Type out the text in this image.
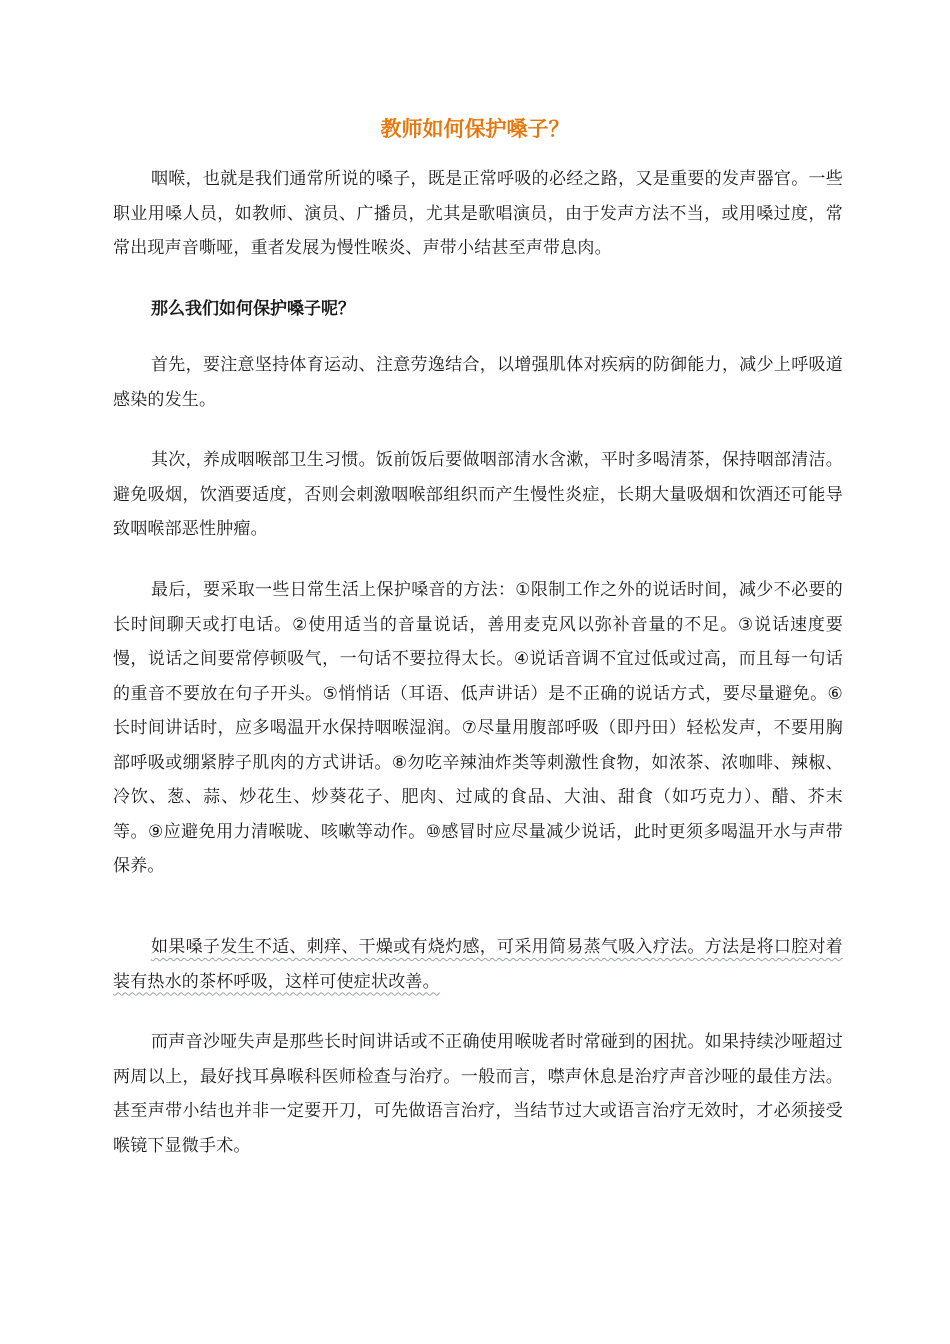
教师如何保护嗓子？

咽喉，也就是我们通常所说的嗓子，既是正常呼吸的必经之路，又是重要的发声器官。一些职业用嗓人员，如教师、演员、广播员，尤其是歌唱演员，由于发声方法不当，或用嗓过度，常常出现声音嘶哑，重者发展为慢性喉炎、声带小结甚至声带息肉。

那么我们如何保护嗓子呢？

首先，要注意坚持体育运动、注意劳逸结合，以增强肌体对疾病的防御能力，减少上呼吸道感染的发生。

其次，养成咽喉部卫生习惯。饭前饭后要做咽部清水含漱，平时多喝清茶，保持咽部清洁。避免吸烟，饮酒要适度，否则会刺激咽喉部组织而产生慢性炎症，长期大量吸烟和饮酒还可能导致咽喉部恶性肿瘤。

最后，要采取一些日常生活上保护嗓音的方法：①限制工作之外的说话时间，减少不必要的长时间聊天或打电话。②使用适当的音量说话，善用麦克风以弥补音量的不足。③说话速度要慢，说话之间要常停顿吸气，一句话不要拉得太长。④说话音调不宜过低或过高，而且每一句话的重音不要放在句子开头。⑤悄悄话（耳语、低声讲话）是不正确的说话方式，要尽量避免。⑥长时间讲话时，应多喝温开水保持咽喉湿润。⑦尽量用腹部呼吸（即丹田）轻松发声，不要用胸部呼吸或绷紧脖子肌肉的方式讲话。⑧勿吃辛辣油炸类等刺激性食物，如浓茶、浓咖啡、辣椒、冷饮、葱、蒜、炒花生、炒葵花子、肥肉、过咸的食品、大油、甜食（如巧克力）、醋、芥末等。⑨应避免用力清喉咙、咳嗽等动作。⑩感冒时应尽量减少说话，此时更须多喝温开水与声带保养。

如果嗓子发生不适、刺痒、干燥或有烧灼感，可采用简易蒸气吸入疗法。方法是将口腔对着装有热水的茶杯呼吸，这样可使症状改善。

而声音沙哑失声是那些长时间讲话或不正确使用喉咙者时常碰到的困扰。如果持续沙哑超过两周以上，最好找耳鼻喉科医师检查与治疗。一般而言，噤声休息是治疗声音沙哑的最佳方法。甚至声带小结也并非一定要开刀，可先做语言治疗，当结节过大或语言治疗无效时，才必须接受喉镜下显微手术。
